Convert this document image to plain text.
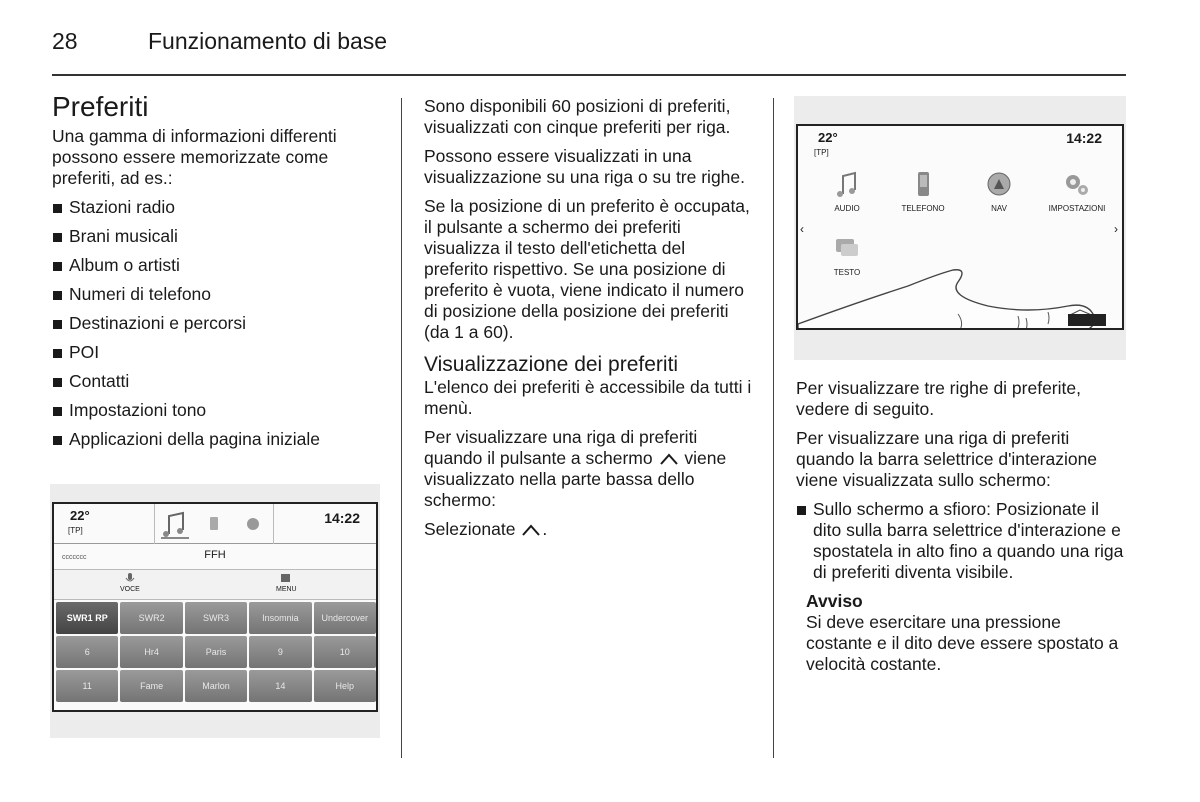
28	Funzionamento di base
Preferiti

Una gamma di informazioni differenti possono essere memorizzate come preferiti, ad es.:

Stazioni radio
Brani musicali
Album o artisti
Numeri di telefono
Destinazioni e percorsi
POI
Contatti
Impostazioni tono
Applicazioni della pagina iniziale
22°
[TP]
14:22
ccccccc	FFH
VOCE	MENU
SWR1 RP	SWR2	SWR3	Insomnia	Undercover
6	Hr4	Paris	9	10
11	Fame	Marlon	14	Help

Sono disponibili 60 posizioni di preferiti, visualizzati con cinque preferiti per riga.

Possono essere visualizzati in una visualizzazione su una riga o su tre righe.

Se la posizione di un preferito è occupata, il pulsante a schermo dei preferiti visualizza il testo dell'etichetta del preferito rispettivo. Se una posizione di preferito è vuota, viene indicato il numero di posizione della posizione dei preferiti (da 1 a 60).

Visualizzazione dei preferiti

L'elenco dei preferiti è accessibile da tutti i menù.

Per visualizzare una riga di preferiti quando il pulsante a schermo viene visualizzato nella parte bassa dello schermo:

Selezionate .

22°
[TP]
14:22
AUDIO	TELEFONO	NAV	IMPOSTAZIONI
TESTO
‹	›

Per visualizzare tre righe di preferite, vedere di seguito.

Per visualizzare una riga di preferiti quando la barra selettrice d'interazione viene visualizzata sullo schermo:

Sullo schermo a sfioro: Posizionate il dito sulla barra selettrice d'interazione e spostatela in alto fino a quando una riga di preferiti diventa visibile.
Avviso
Si deve esercitare una pressione costante e il dito deve essere spostato a velocità costante.
